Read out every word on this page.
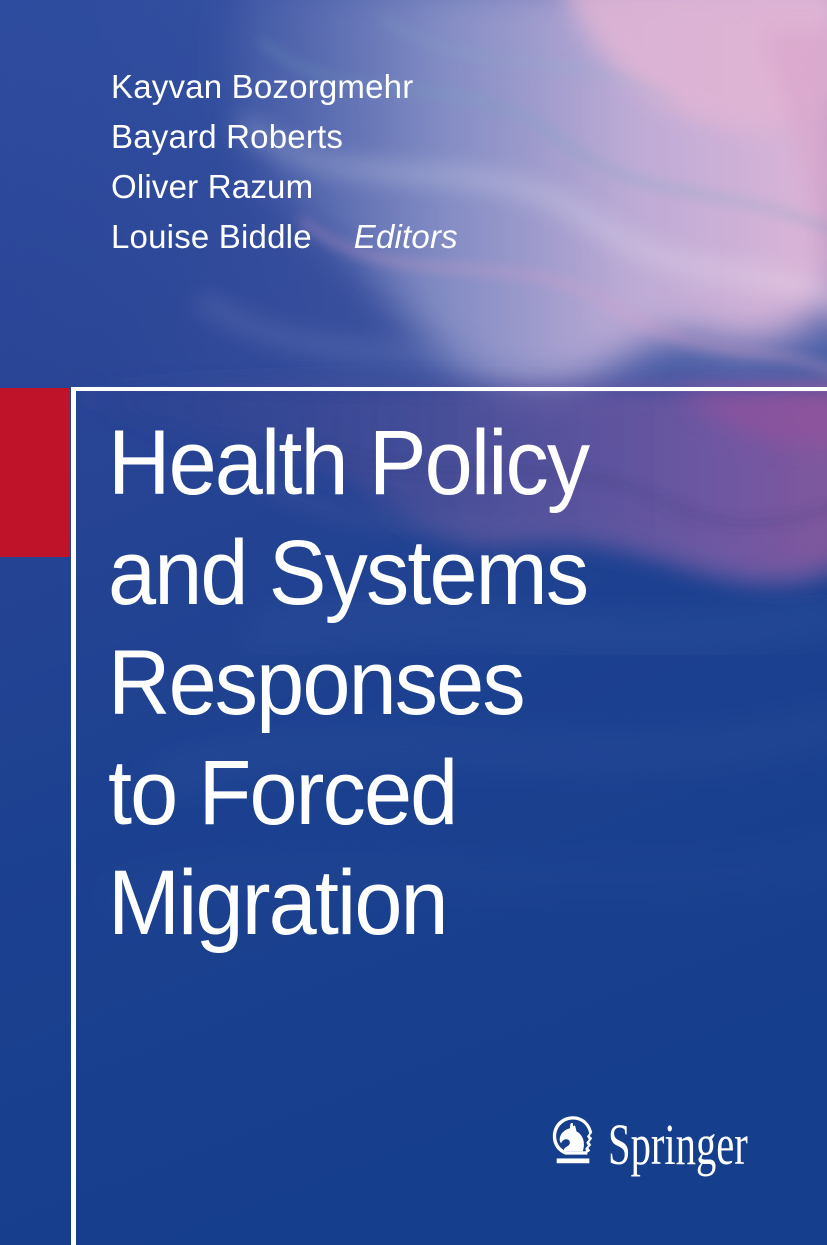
Kayvan Bozorgmehr
Bayard Roberts
Oliver Razum
Louise Biddle Editors
Health Policy
and Systems
Responses
to Forced
Migration
Springer
